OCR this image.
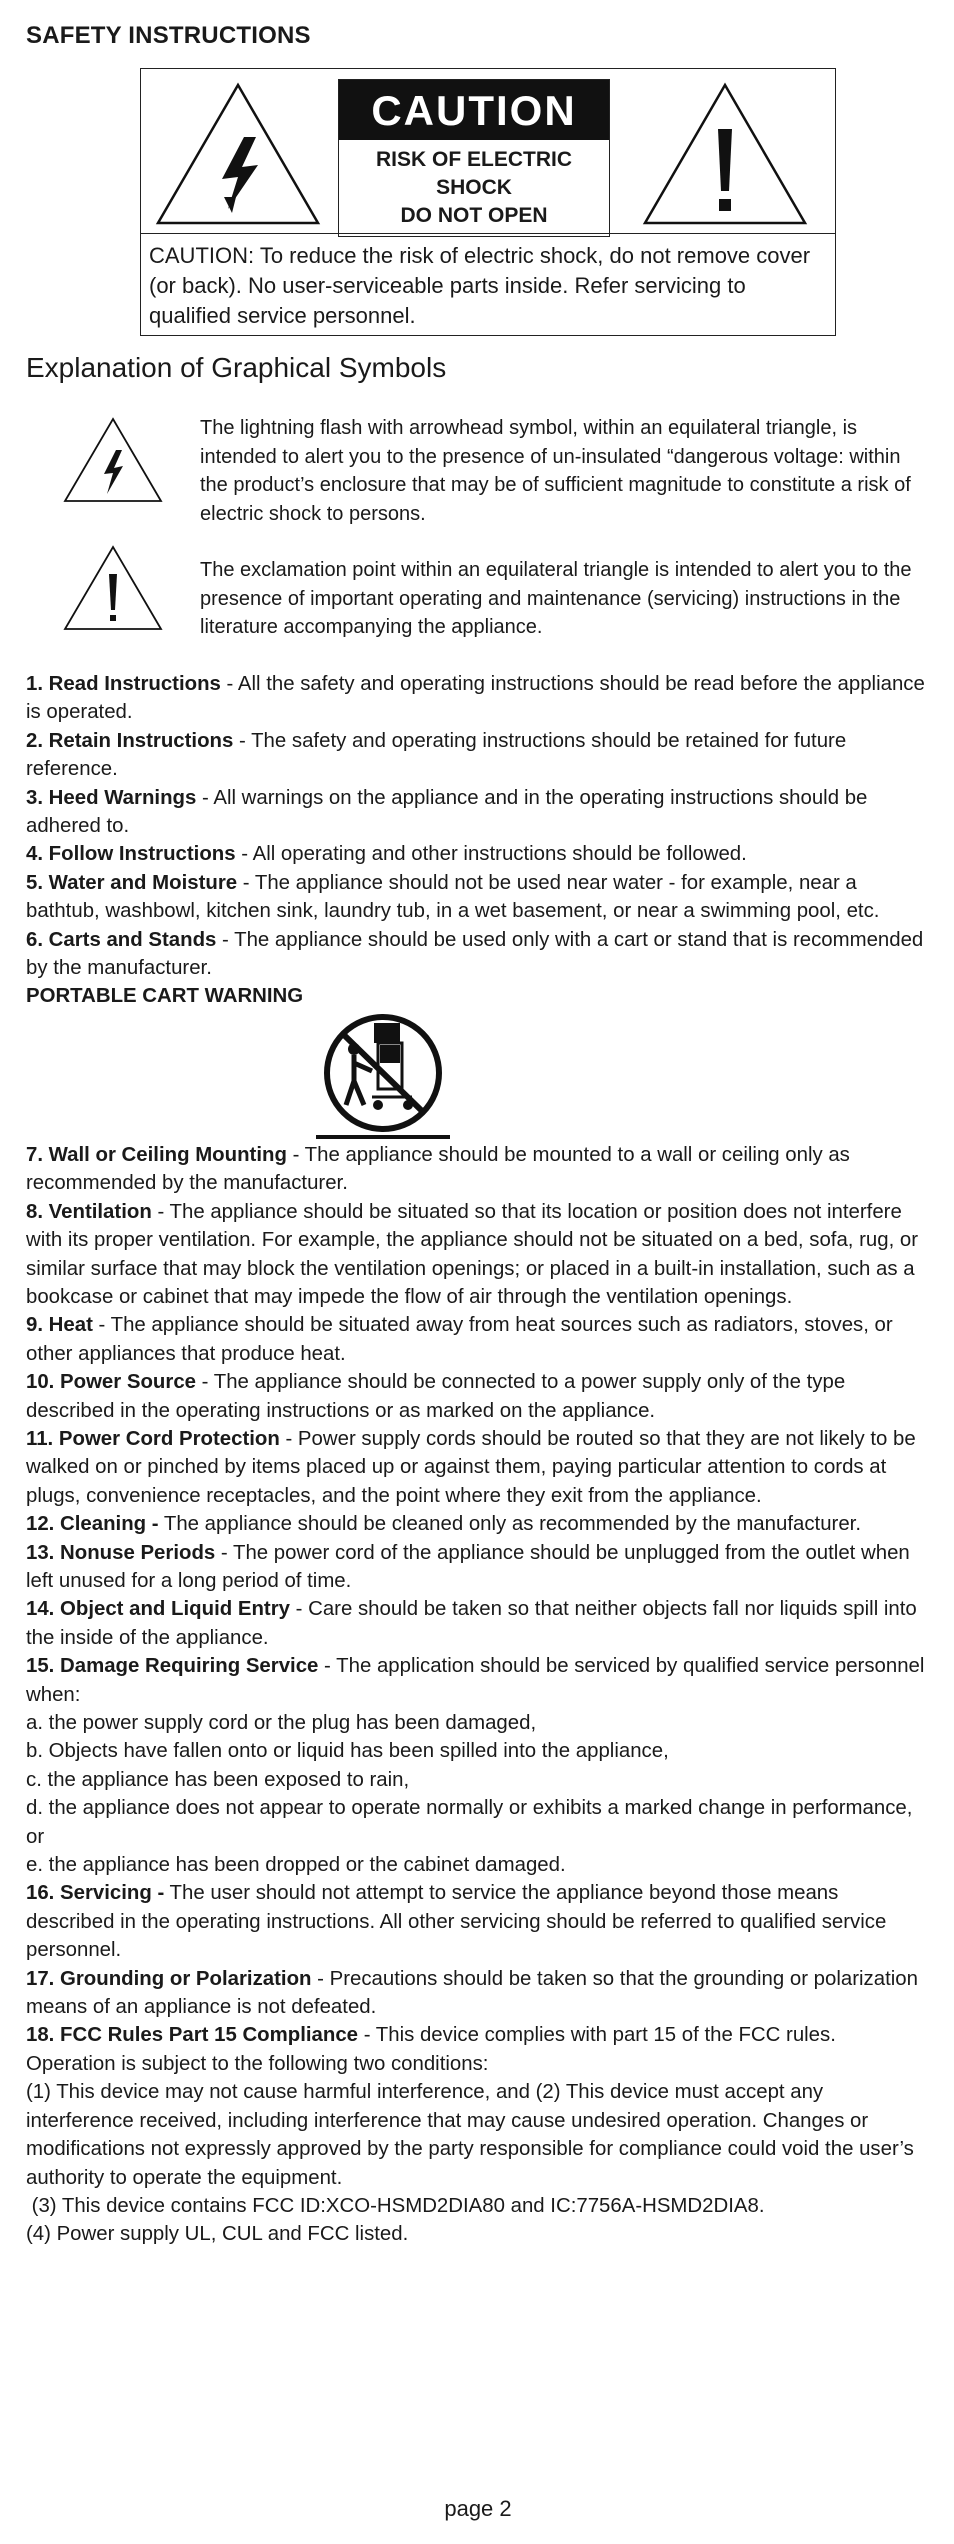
SAFETY INSTRUCTIONS
CAUTION
RISK OF ELECTRIC
SHOCK
DO NOT OPEN
CAUTION: To reduce the risk of electric shock, do not remove cover (or back). No user-serviceable parts inside. Refer servicing to qualified service personnel.
Explanation of Graphical Symbols
The lightning flash with arrowhead symbol, within an equilateral triangle, is intended to alert you to the presence of un-insulated “dangerous voltage: within the product’s enclosure that may be of sufficient magnitude to constitute a risk of electric shock to persons.
The exclamation point within an equilateral triangle is intended to alert you to the presence of important operating and maintenance (servicing) instructions in the literature accompanying the appliance.

1. Read Instructions - All the safety and operating instructions should be read before the appliance is operated.

2. Retain Instructions - The safety and operating instructions should be retained for future reference.

3. Heed Warnings - All warnings on the appliance and in the operating instructions should be adhered to.

4. Follow Instructions - All operating and other instructions should be followed.

5. Water and Moisture - The appliance should not be used near water - for example, near a bathtub, washbowl, kitchen sink, laundry tub, in a wet basement, or near a swimming pool, etc.

6. Carts and Stands - The appliance should be used only with a cart or stand that is recommended by the manufacturer.

PORTABLE CART WARNING

7. Wall or Ceiling Mounting - The appliance should be mounted to a wall or ceiling only as recommended by the manufacturer.

8. Ventilation - The appliance should be situated so that its location or position does not interfere with its proper ventilation. For example, the appliance should not be situated on a bed, sofa, rug, or similar surface that may block the ventilation openings; or placed in a built-in installation, such as a bookcase or cabinet that may impede the flow of air through the ventilation openings.

9. Heat - The appliance should be situated away from heat sources such as radiators, stoves, or other appliances that produce heat.

10. Power Source - The appliance should be connected to a power supply only of the type described in the operating instructions or as marked on the appliance.

11. Power Cord Protection - Power supply cords should be routed so that they are not likely to be walked on or pinched by items placed up or against them, paying particular attention to cords at plugs, convenience receptacles, and the point where they exit from the appliance.

12. Cleaning - The appliance should be cleaned only as recommended by the manufacturer.

13. Nonuse Periods - The power cord of the appliance should be unplugged from the outlet when left unused for a long period of time.

14. Object and Liquid Entry - Care should be taken so that neither objects fall nor liquids spill into the inside of the appliance.

15. Damage Requiring Service - The application should be serviced by qualified service personnel when:

a. the power supply cord or the plug has been damaged,

b. Objects have fallen onto or liquid has been spilled into the appliance,

c. the appliance has been exposed to rain,

d. the appliance does not appear to operate normally or exhibits a marked change in performance, or

e. the appliance has been dropped or the cabinet damaged.

16. Servicing - The user should not attempt to service the appliance beyond those means described in the operating instructions. All other servicing should be referred to qualified service personnel.

17. Grounding or Polarization - Precautions should be taken so that the grounding or polarization means of an appliance is not defeated.

18. FCC Rules Part 15 Compliance - This device complies with part 15 of the FCC rules. Operation is subject to the following two conditions:

(1) This device may not cause harmful interference, and (2) This device must accept any interference received, including interference that may cause undesired operation. Changes or modifications not expressly approved by the party responsible for compliance could void the user’s authority to operate the equipment.

(3) This device contains FCC ID:XCO-HSMD2DIA80 and IC:7756A-HSMD2DIA8.

(4) Power supply UL, CUL and FCC listed.

page 2
